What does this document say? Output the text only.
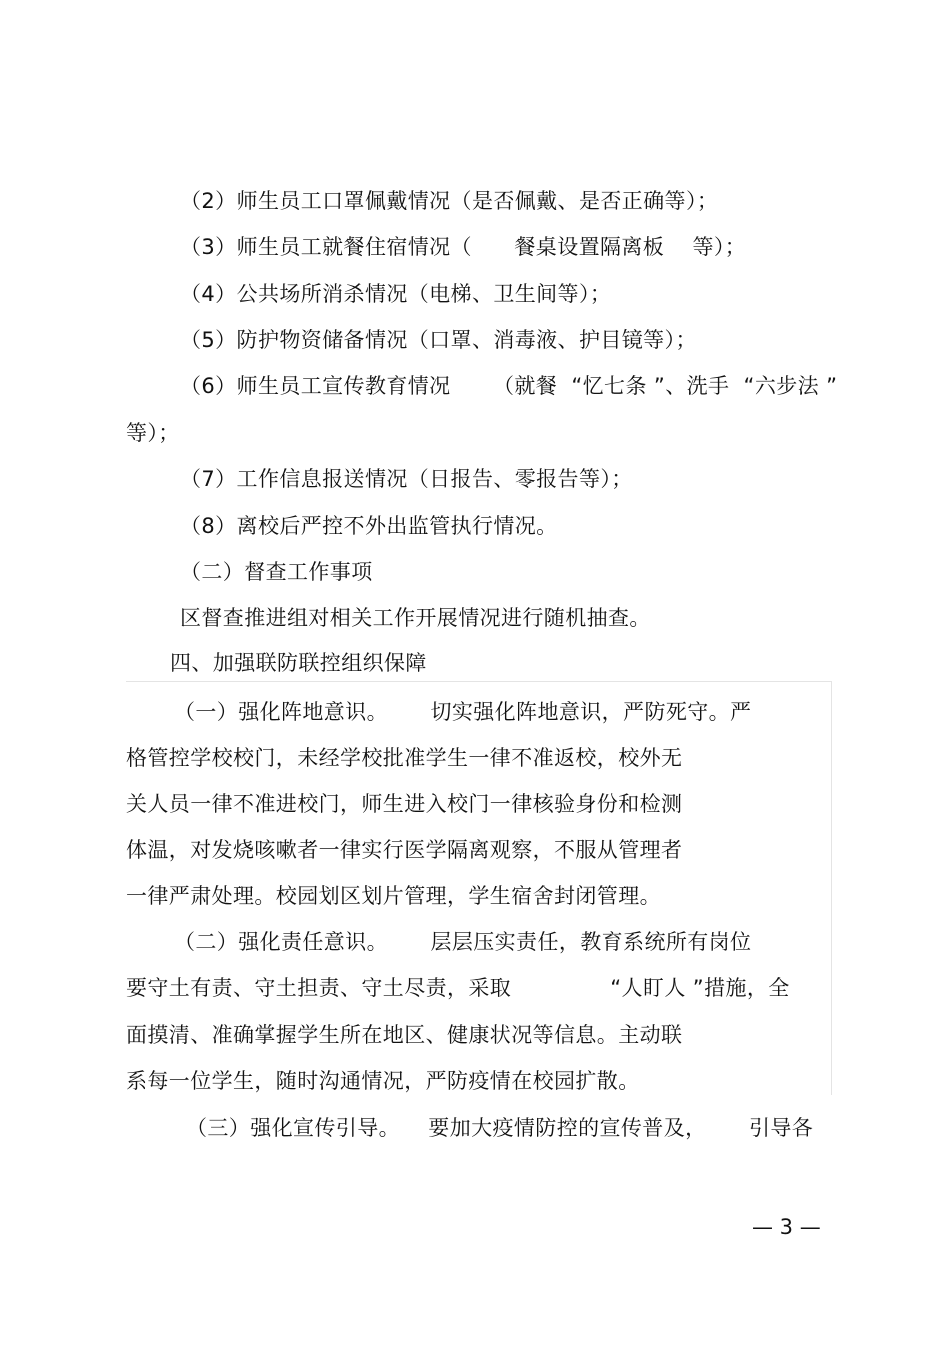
（2）师生员工口罩佩戴情况（是否佩戴、是否正确等）；

（3）师生员工就餐住宿情况（      餐桌设置隔离板    等）；

（4）公共场所消杀情况（电梯、卫生间等）；

（5）防护物资储备情况（口罩、消毒液、护目镜等）；

（6）师生员工宣传教育情况      （就餐  “忆七条 ”、洗手  “六步法 ”

等）；

（7）工作信息报送情况（日报告、零报告等）；

（8）离校后严控不外出监管执行情况。

（二）督查工作事项

区督查推进组对相关工作开展情况进行随机抽查。

四、加强联防联控组织保障

（一）强化阵地意识。      切实强化阵地意识，严防死守。严

格管控学校校门，未经学校批准学生一律不准返校，校外无

关人员一律不准进校门，师生进入校门一律核验身份和检测

体温，对发烧咳嗽者一律实行医学隔离观察，不服从管理者

一律严肃处理。校园划区划片管理，学生宿舍封闭管理。

（二）强化责任意识。      层层压实责任，教育系统所有岗位

要守土有责、守土担责、守土尽责，采取              “人盯人 ”措施，全

面摸清、准确掌握学生所在地区、健康状况等信息。主动联

系每一位学生，随时沟通情况，严防疫情在校园扩散。

（三）强化宣传引导。    要加大疫情防控的宣传普及，      引导各

— 3 —
